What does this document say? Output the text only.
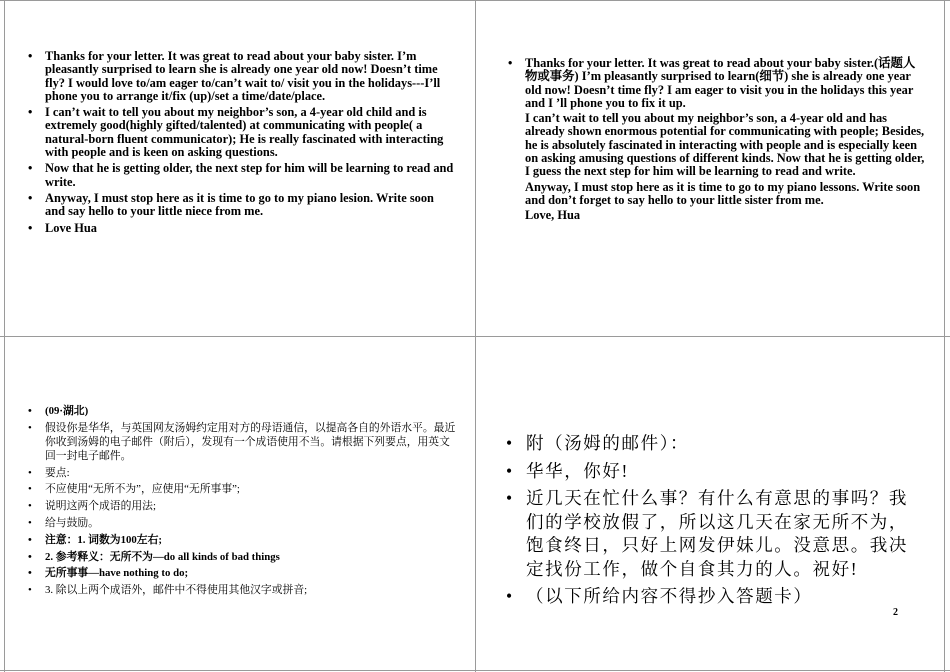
• Thanks for your letter. It was great to read about your baby sister. I’m pleasantly surprised to learn she is already one year old now! Doesn’t time fly? I would love to/am eager to/can’t wait to/ visit you in the holidays---I’ll phone you to arrange it/fix (up)/set a time/date/place.
• I can’t wait to tell you about my neighbor’s son, a 4-year old child and is extremely good(highly gifted/talented) at communicating with people( a natural-born fluent communicator); He is really fascinated with interacting with people and is keen on asking questions.
• Now that he is getting older, the next step for him will be learning to read and write.
• Anyway, I must stop here as it is time to go to my piano lesion. Write soon and say hello to your little niece from me.
• Love Hua
• Thanks for your letter. It was great to read about your baby sister.(话题人物或事务) I’m pleasantly surprised to learn(细节) she is already one year old now! Doesn’t time fly? I am eager to visit you in the holidays this year and I ’ll phone you to fix it up.
I can’t wait to tell you about my neighbor’s son, a 4-year old and has already shown enormous potential for communicating with people; Besides, he is absolutely fascinated in interacting with people and is especially keen on asking amusing questions of different kinds. Now that he is getting older, I guess the next step for him will be learning to read and write.
Anyway, I must stop here as it is time to go to my piano lessons. Write soon and don’t forget to say hello to your little sister from me.
Love, Hua
• (09·湖北)
• 假设你是华华，与英国网友汤姆约定用对方的母语通信，以提高各自的外语水平。最近你收到汤姆的电子邮件（附后），发现有一个成语使用不当。请根据下列要点，用英文回一封电子邮件。
• 要点:
• 不应使用“无所不为”，应使用“无所事事”;
• 说明这两个成语的用法;
• 给与鼓励。
• 注意：1. 词数为100左右;
• 2. 参考释义：无所不为—do all kinds of bad things
• 无所事事—have nothing to do;
• 3. 除以上两个成语外，邮件中不得使用其他汉字或拼音;
• 附（汤姆的邮件）：
• 华华，你好!
• 近几天在忙什么事？有什么有意思的事吗？我们的学校放假了，所以这几天在家无所不为，饱食终日，只好上网发伊妹儿。没意思。我决定找份工作，做个自食其力的人。祝好!
• （以下所给内容不得抄入答题卡）
2
